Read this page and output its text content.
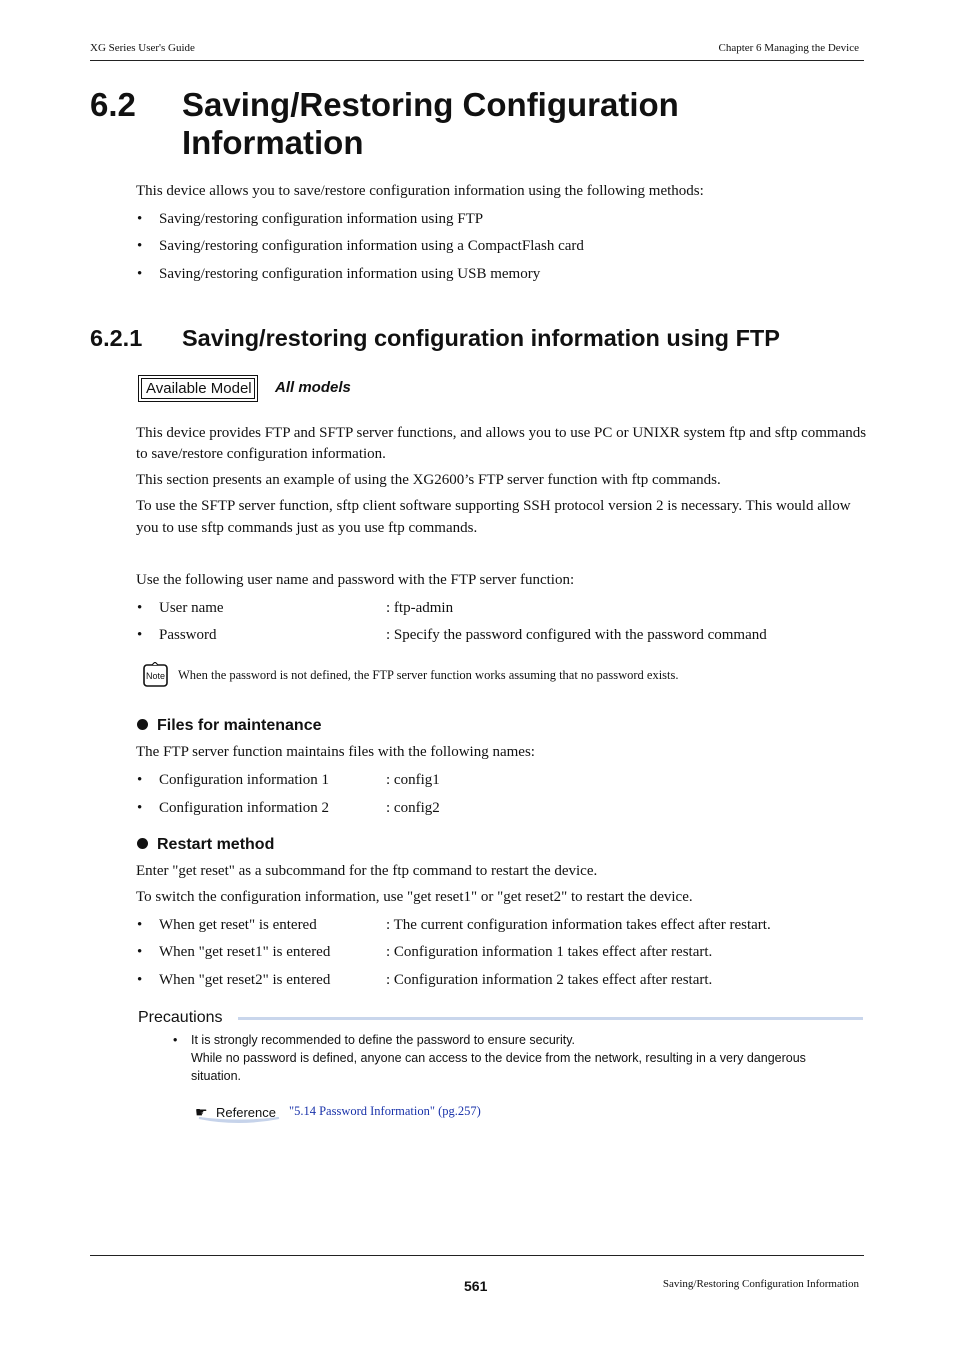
XG Series User's Guide	Chapter 6 Managing the Device
6.2 Saving/Restoring Configuration
Information
This device allows you to save/restore configuration information using the following methods:
• Saving/restoring configuration information using FTP
• Saving/restoring configuration information using a CompactFlash card
• Saving/restoring configuration information using USB memory
6.2.1 Saving/restoring configuration information using FTP
Available Model All models
This device provides FTP and SFTP server functions, and allows you to use PC or UNIXR system ftp and sftp commands
to save/restore configuration information.
This section presents an example of using the XG2600’s FTP server function with ftp commands.
To use the SFTP server function, sftp client software supporting SSH protocol version 2 is necessary. This would allow
you to use sftp commands just as you use ftp commands.
Use the following user name and password with the FTP server function:
• User name	: ftp-admin
• Password	: Specify the password configured with the password command
Note When the password is not defined, the FTP server function works assuming that no password exists.
Files for maintenance
The FTP server function maintains files with the following names:
• Configuration information 1	: config1
• Configuration information 2	: config2
Restart method
Enter "get reset" as a subcommand for the ftp command to restart the device.
To switch the configuration information, use "get reset1" or "get reset2" to restart the device.
• When get reset" is entered	: The current configuration information takes effect after restart.
• When "get reset1" is entered	: Configuration information 1 takes effect after restart.
• When "get reset2" is entered	: Configuration information 2 takes effect after restart.
Precautions
• It is strongly recommended to define the password to ensure security.
While no password is defined, anyone can access to the device from the network, resulting in a very dangerous
situation.
☛ Reference "5.14 Password Information" (pg.257)
561	Saving/Restoring Configuration Information
